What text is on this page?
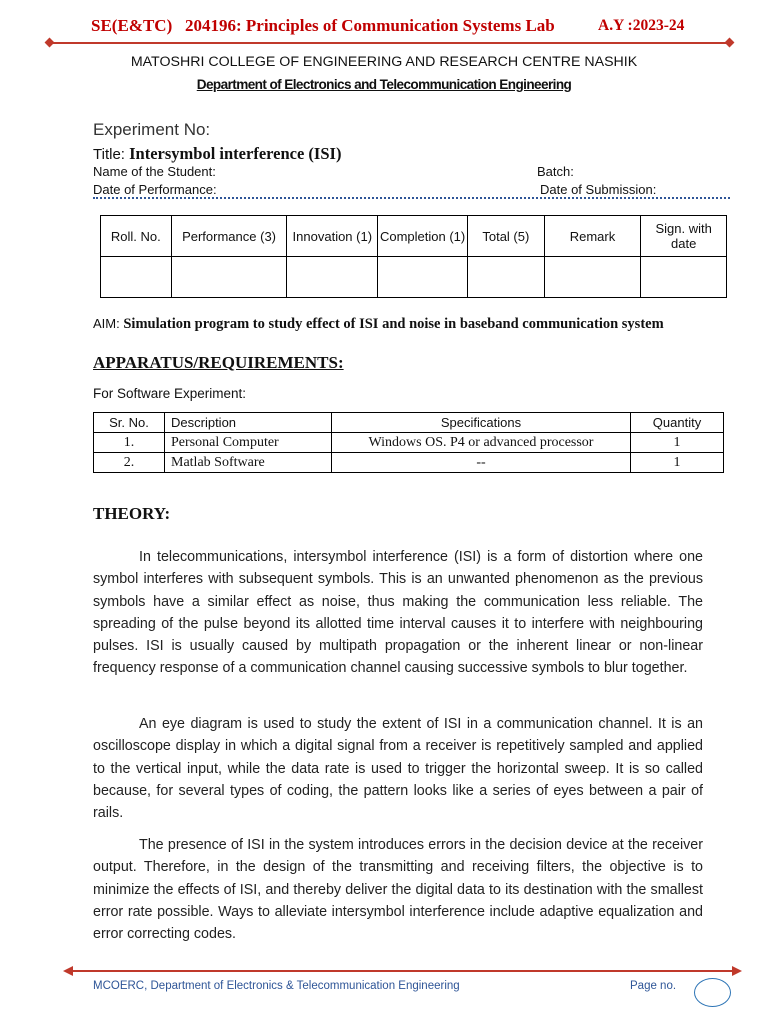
SE(E&TC)   204196: Principles of Communication Systems Lab	A.Y :2023-24
MATOSHRI COLLEGE OF ENGINEERING AND RESEARCH CENTRE NASHIK
Department of Electronics and Telecommunication Engineering
Experiment No:
Title: Intersymbol interference (ISI)
Name of the Student:	Batch:
Date of Performance:	Date of Submission:
Roll. No.	Performance (3)	Innovation (1)	Completion (1)	Total (5)	Remark	Sign. with date

AIM: Simulation program to study effect of ISI and noise in baseband communication system
APPARATUS/REQUIREMENTS:
For Software Experiment:
Sr. No.	Description	Specifications	Quantity
1.	Personal Computer	Windows OS. P4 or advanced processor	1
2.	Matlab Software	--	1
THEORY:

In telecommunications, intersymbol interference (ISI) is a form of distortion where one symbol interferes with subsequent symbols. This is an unwanted phenomenon as the previous symbols have a similar effect as noise, thus making the communication less reliable. The spreading of the pulse beyond its allotted time interval causes it to interfere with neighbouring pulses. ISI is usually caused by multipath propagation or the inherent linear or non-linear frequency response of a communication channel causing successive symbols to blur together.

An eye diagram is used to study the extent of ISI in a communication channel. It is an oscilloscope display in which a digital signal from a receiver is repetitively sampled and applied to the vertical input, while the data rate is used to trigger the horizontal sweep. It is so called because, for several types of coding, the pattern looks like a series of eyes between a pair of rails.

The presence of ISI in the system introduces errors in the decision device at the receiver output. Therefore, in the design of the transmitting and receiving filters, the objective is to minimize the effects of ISI, and thereby deliver the digital data to its destination with the smallest error rate possible. Ways to alleviate intersymbol interference include adaptive equalization and error correcting codes.

MCOERC, Department of Electronics & Telecommunication Engineering	Page no.
